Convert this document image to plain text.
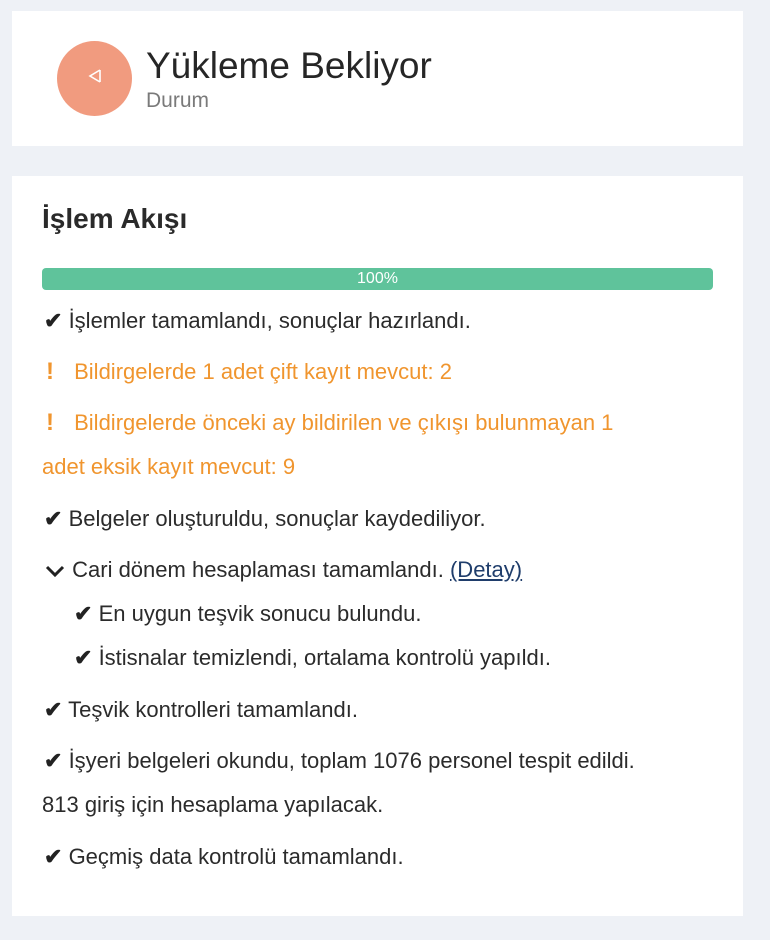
Yükleme Bekliyor
Durum
İşlem Akışı
100%
✔ İşlemler tamamlandı, sonuçlar hazırlandı.
! Bildirgelerde 1 adet çift kayıt mevcut: 2
! Bildirgelerde önceki ay bildirilen ve çıkışı bulunmayan 1
adet eksik kayıt mevcut: 9
✔ Belgeler oluşturuldu, sonuçlar kaydediliyor.
Cari dönem hesaplaması tamamlandı. (Detay)
✔ En uygun teşvik sonucu bulundu.
✔ İstisnalar temizlendi, ortalama kontrolü yapıldı.
✔ Teşvik kontrolleri tamamlandı.
✔ İşyeri belgeleri okundu, toplam 1076 personel tespit edildi.
813 giriş için hesaplama yapılacak.
✔ Geçmiş data kontrolü tamamlandı.
